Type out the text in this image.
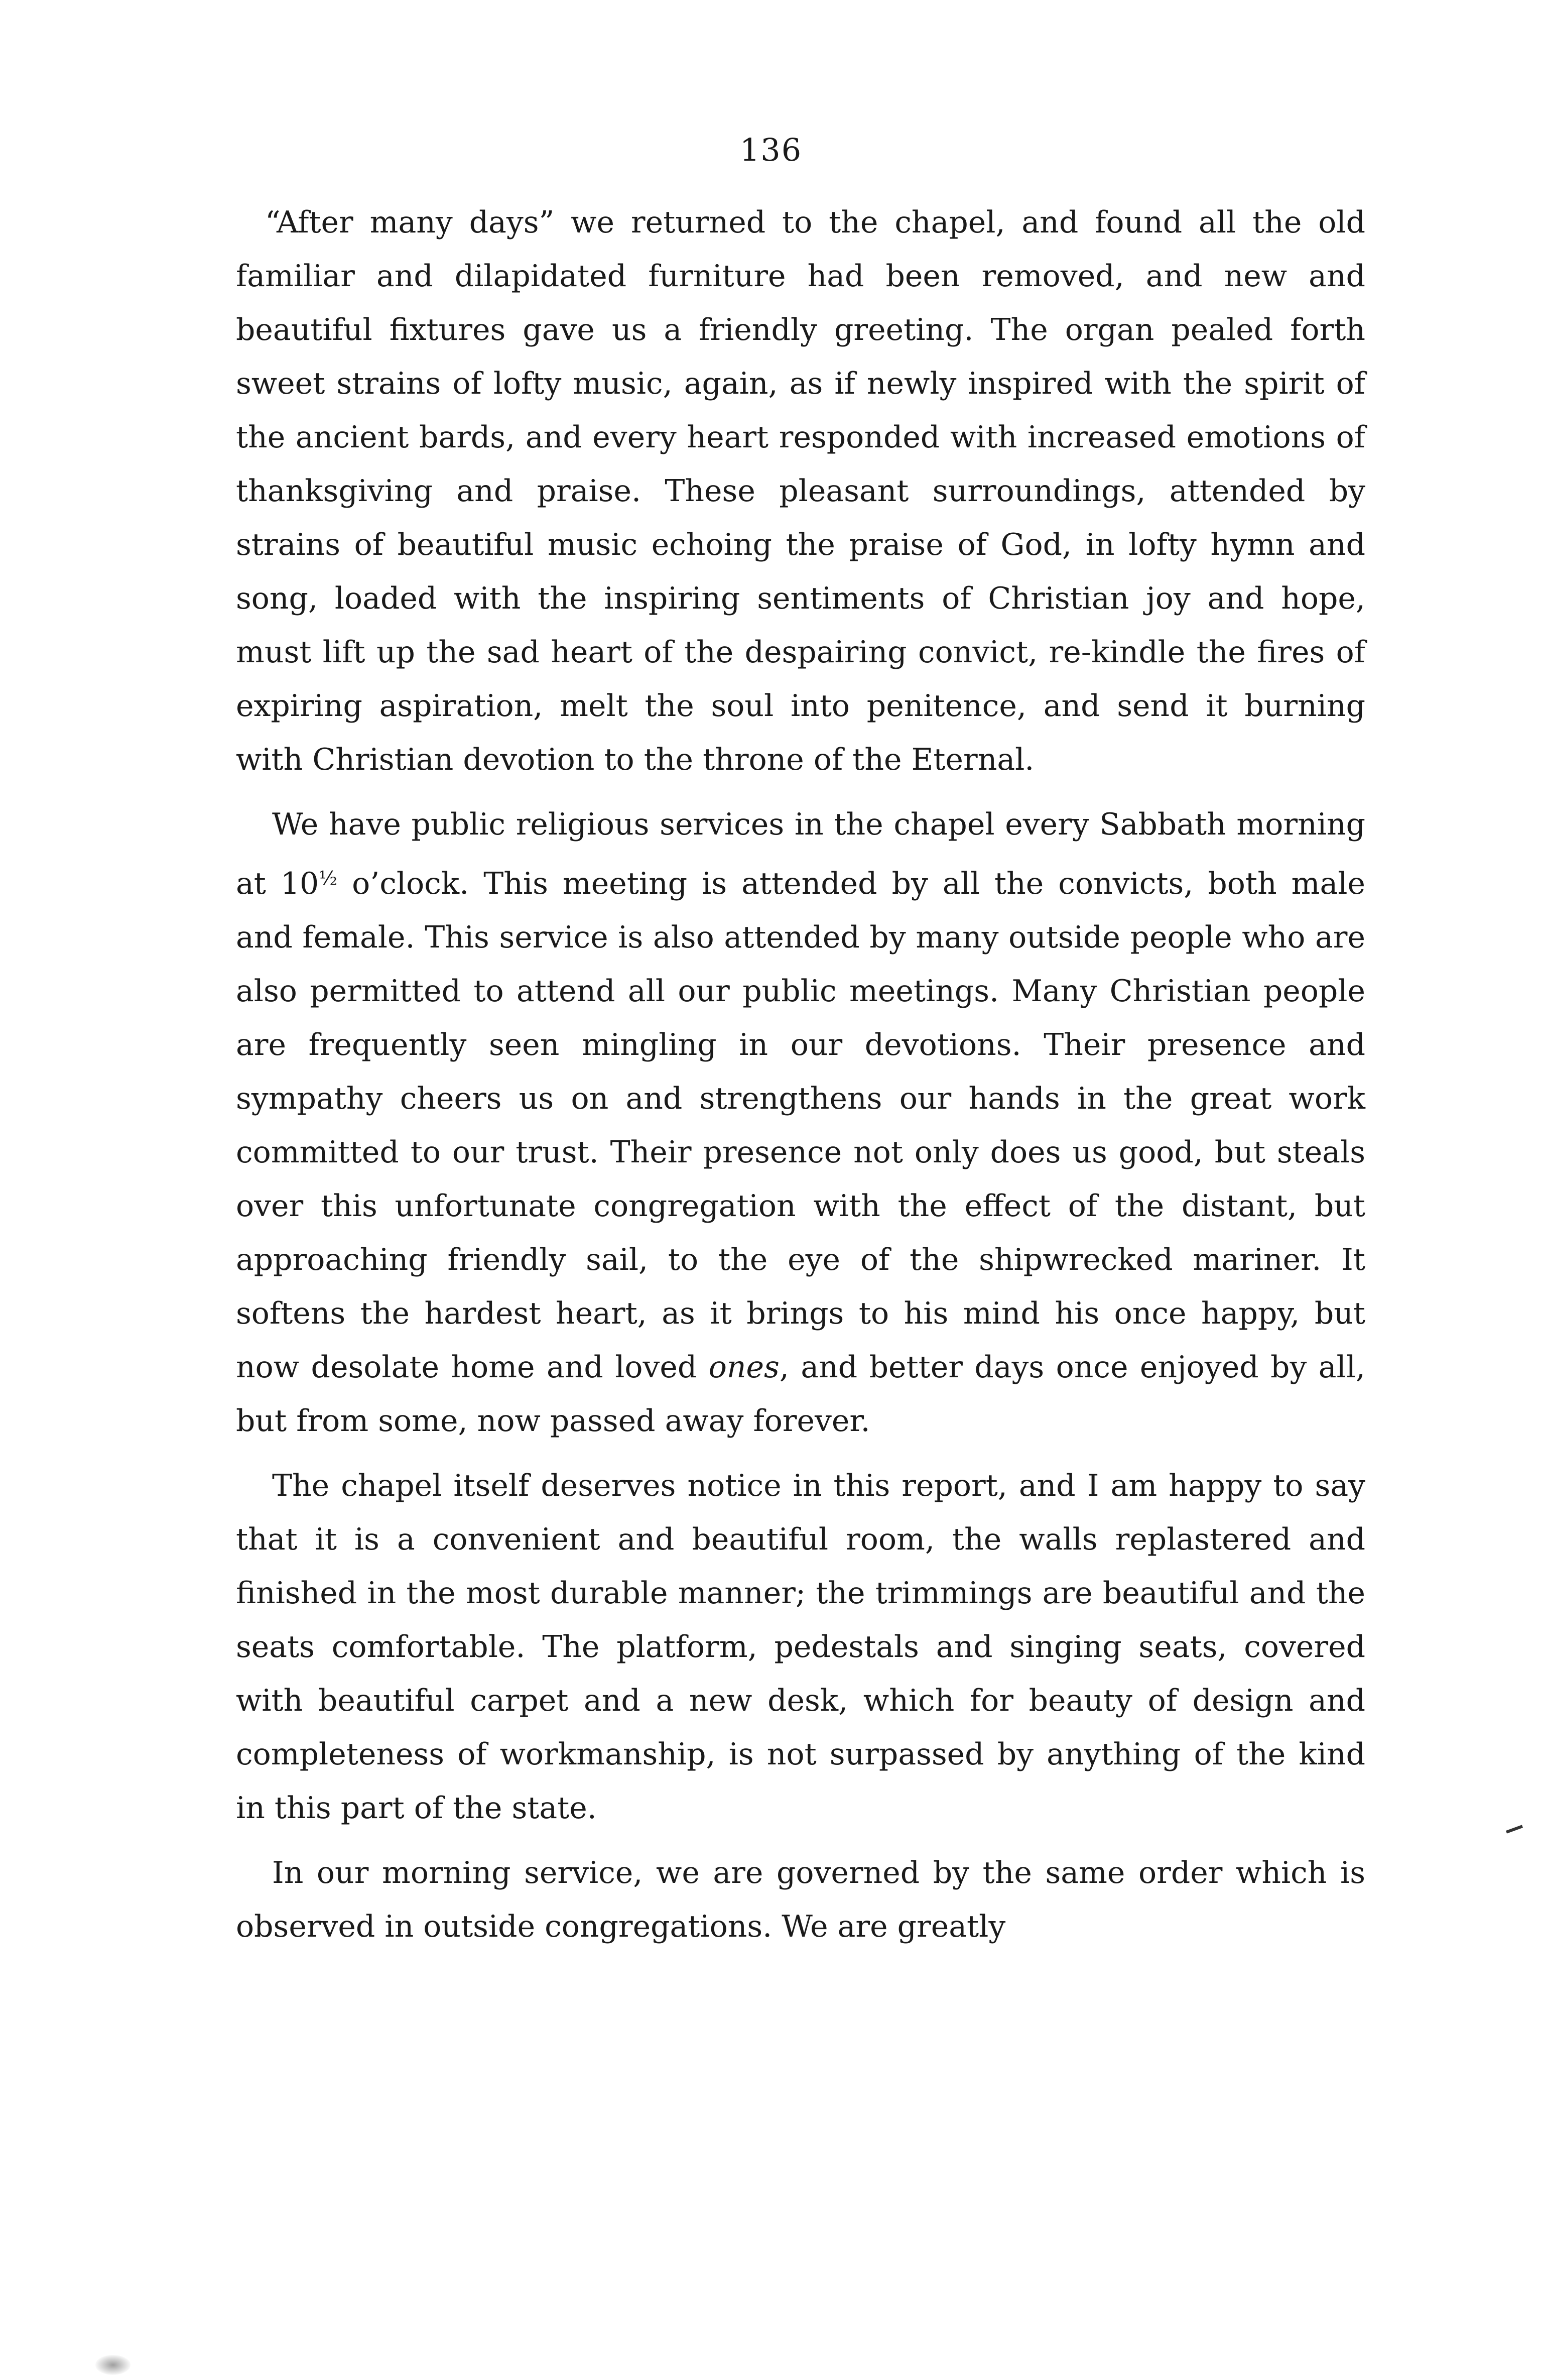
136

“After many days” we returned to the chapel, and found all the old familiar and dilapidated furniture had been removed, and new and beautiful fixtures gave us a friendly greeting. The organ pealed forth sweet strains of lofty music, again, as if newly inspired with the spirit of the ancient bards, and every heart responded with increased emotions of thanksgiving and praise. These pleasant surroundings, attended by strains of beautiful music echoing the praise of God, in lofty hymn and song, loaded with the inspiring sentiments of Christian joy and hope, must lift up the sad heart of the despairing convict, re-kindle the fires of expiring aspiration, melt the soul into penitence, and send it burning with Christian devotion to the throne of the Eternal.

We have public religious services in the chapel every Sabbath morning at $10^{\frac{1}{2}}$ o’clock. This meeting is attended by all the convicts, both male and female. This service is also attended by many outside people who are also permitted to attend all our public meetings. Many Christian people are frequently seen mingling in our devotions. Their presence and sympathy cheers us on and strengthens our hands in the great work committed to our trust. Their presence not only does us good, but steals over this unfortunate congregation with the effect of the distant, but approaching friendly sail, to the eye of the shipwrecked mariner. It softens the hardest heart, as it brings to his mind his once happy, but now desolate home and loved ones, and better days once enjoyed by all, but from some, now passed away forever.

The chapel itself deserves notice in this report, and I am happy to say that it is a convenient and beautiful room, the walls replastered and finished in the most durable manner; the trimmings are beautiful and the seats comfortable. The platform, pedestals and singing seats, covered with beautiful carpet and a new desk, which for beauty of design and completeness of workmanship, is not surpassed by anything of the kind in this part of the state.

In our morning service, we are governed by the same order which is observed in outside congregations. We are greatly
